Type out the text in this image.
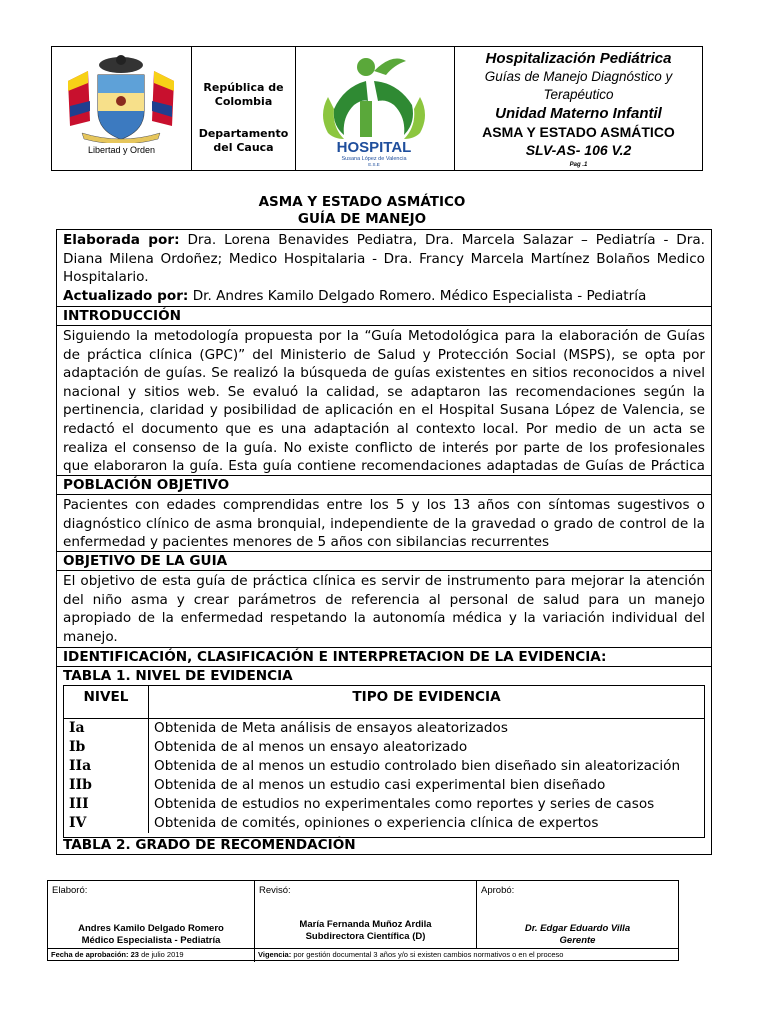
Libertad y Orden
República de Colombia
Departamento del Cauca	HOSPITAL
Susana López de Valencia
E.S.E
Hospitalización Pediátrica
Guías de Manejo Diagnóstico y Terapéutico
Unidad Materno Infantil
ASMA Y ESTADO ASMÁTICO
SLV-AS- 106 V.2
Pag .1
ASMA Y ESTADO ASMÁTICO
GUÍA DE MANEJO
Elaborada por: Dra. Lorena Benavides Pediatra, Dra. Marcela Salazar – Pediatría - Dra. Diana Milena Ordoñez; Medico Hospitalaria - Dra. Francy Marcela Martínez Bolaños Medico Hospitalario.
Actualizado por: Dr. Andres Kamilo Delgado Romero. Médico Especialista - Pediatría
INTRODUCCIÓN
Siguiendo la metodología propuesta por la “Guía Metodológica para la elaboración de Guías de práctica clínica (GPC)” del Ministerio de Salud y Protección Social (MSPS), se opta por adaptación de guías. Se realizó la búsqueda de guías existentes en sitios reconocidos a nivel nacional y sitios web. Se evaluó la calidad, se adaptaron las recomendaciones según la pertinencia, claridad y posibilidad de aplicación en el Hospital Susana López de Valencia, se redactó el documento que es una adaptación al contexto local. Por medio de un acta se realiza el consenso de la guía. No existe conflicto de interés por parte de los profesionales que elaboraron la guía. Esta guía contiene recomendaciones adaptadas de Guías de Práctica
POBLACIÓN OBJETIVO
Pacientes con edades comprendidas entre los 5 y los 13 años con síntomas sugestivos o diagnóstico clínico de asma bronquial, independiente de la gravedad o grado de control de la enfermedad y pacientes menores de 5 años con sibilancias recurrentes
OBJETIVO DE LA GUIA
El objetivo de esta guía de práctica clínica es servir de instrumento para mejorar la atención del niño asma y crear parámetros de referencia al personal de salud para un manejo apropiado de la enfermedad respetando la autonomía médica y la variación individual del manejo.
IDENTIFICACIÓN, CLASIFICACIÓN E INTERPRETACION DE LA EVIDENCIA:
TABLA 1. NIVEL DE EVIDENCIA
NIVEL	TIPO DE EVIDENCIA
Ia	Obtenida de Meta análisis de ensayos aleatorizados
Ib	Obtenida de al menos un ensayo aleatorizado
IIa	Obtenida de al menos un estudio controlado bien diseñado sin aleatorización
IIb	Obtenida de al menos un estudio casi experimental bien diseñado
III	Obtenida de estudios no experimentales como reportes y series de casos
IV	Obtenida de comités, opiniones o experiencia clínica de expertos
TABLA 2. GRADO DE RECOMENDACIÓN
Elaboró:
Andres Kamilo Delgado Romero
Médico Especialista - Pediatría
Revisó:
María Fernanda Muñoz Ardila
Subdirectora Científica (D)
Aprobó:
Dr. Edgar Eduardo Villa
Gerente
Fecha de aprobación: 23 de julio 2019	Vigencia: por gestión documental 3 años y/o si existen cambios normativos o en el proceso
